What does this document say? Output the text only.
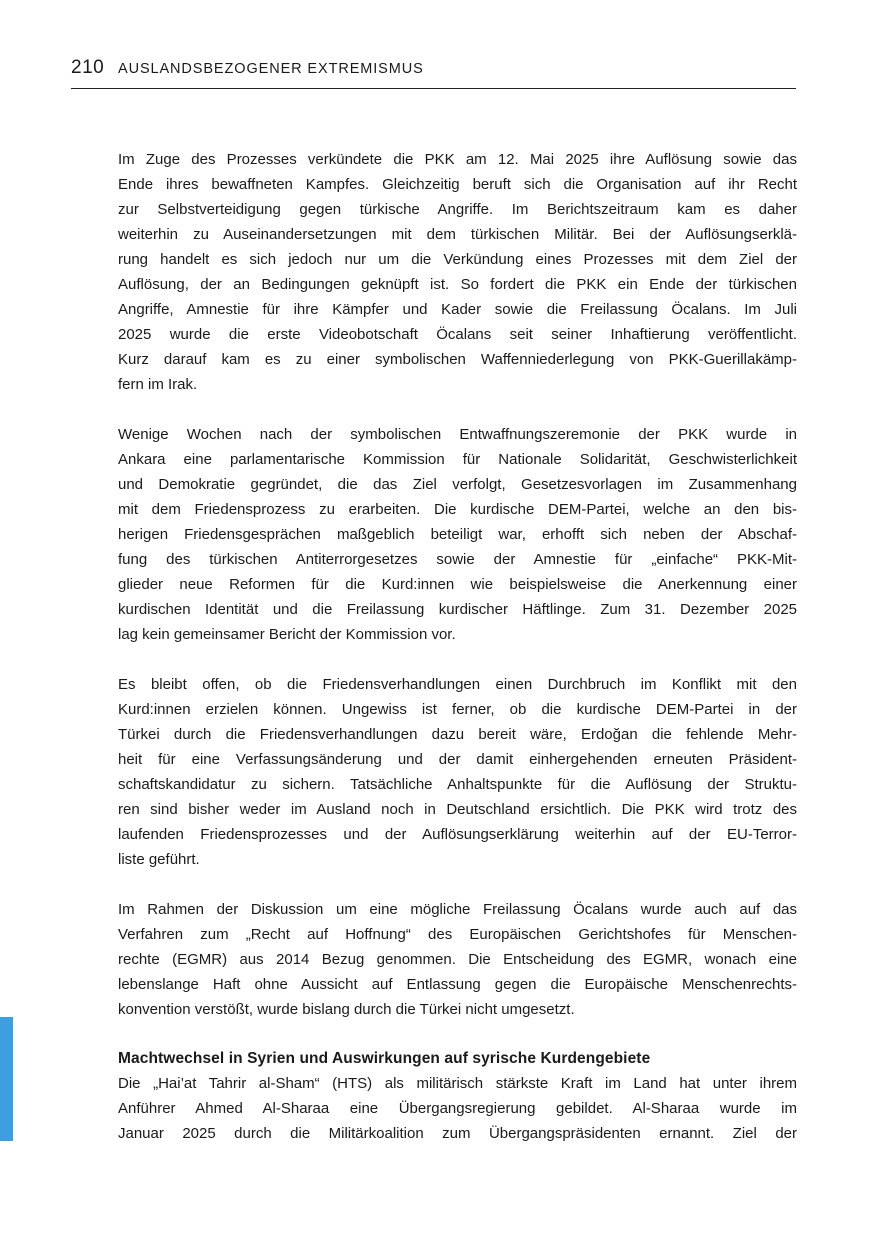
210 AUSLANDSBEZOGENER EXTREMISMUS
Im Zuge des Prozesses verkündete die PKK am 12. Mai 2025 ihre Auflösung sowie das
Ende ihres bewaffneten Kampfes. Gleichzeitig beruft sich die Organisation auf ihr Recht
zur Selbstverteidigung gegen türkische Angriffe. Im Berichtszeitraum kam es daher
weiterhin zu Auseinandersetzungen mit dem türkischen Militär. Bei der Auflösungserklä-
rung handelt es sich jedoch nur um die Verkündung eines Prozesses mit dem Ziel der
Auflösung, der an Bedingungen geknüpft ist. So fordert die PKK ein Ende der türkischen
Angriffe, Amnestie für ihre Kämpfer und Kader sowie die Freilassung Öcalans. Im Juli
2025 wurde die erste Videobotschaft Öcalans seit seiner Inhaftierung veröffentlicht.
Kurz darauf kam es zu einer symbolischen Waffenniederlegung von PKK-Guerillakämp-
fern im Irak.
Wenige Wochen nach der symbolischen Entwaffnungszeremonie der PKK wurde in
Ankara eine parlamentarische Kommission für Nationale Solidarität, Geschwisterlichkeit
und Demokratie gegründet, die das Ziel verfolgt, Gesetzesvorlagen im Zusammenhang
mit dem Friedensprozess zu erarbeiten. Die kurdische DEM-Partei, welche an den bis-
herigen Friedensgesprächen maßgeblich beteiligt war, erhofft sich neben der Abschaf-
fung des türkischen Antiterrorgesetzes sowie der Amnestie für „einfache“ PKK-Mit-
glieder neue Reformen für die Kurd:innen wie beispielsweise die Anerkennung einer
kurdischen Identität und die Freilassung kurdischer Häftlinge. Zum 31. Dezember 2025
lag kein gemeinsamer Bericht der Kommission vor.
Es bleibt offen, ob die Friedensverhandlungen einen Durchbruch im Konflikt mit den
Kurd:innen erzielen können. Ungewiss ist ferner, ob die kurdische DEM-Partei in der
Türkei durch die Friedensverhandlungen dazu bereit wäre, Erdoğan die fehlende Mehr-
heit für eine Verfassungsänderung und der damit einhergehenden erneuten Präsident-
schaftskandidatur zu sichern. Tatsächliche Anhaltspunkte für die Auflösung der Struktu-
ren sind bisher weder im Ausland noch in Deutschland ersichtlich. Die PKK wird trotz des
laufenden Friedensprozesses und der Auflösungserklärung weiterhin auf der EU-Terror-
liste geführt.
Im Rahmen der Diskussion um eine mögliche Freilassung Öcalans wurde auch auf das
Verfahren zum „Recht auf Hoffnung“ des Europäischen Gerichtshofes für Menschen-
rechte (EGMR) aus 2014 Bezug genommen. Die Entscheidung des EGMR, wonach eine
lebenslange Haft ohne Aussicht auf Entlassung gegen die Europäische Menschenrechts-
konvention verstößt, wurde bislang durch die Türkei nicht umgesetzt.
Machtwechsel in Syrien und Auswirkungen auf syrische Kurdengebiete
Die „Hai’at Tahrir al-Sham“ (HTS) als militärisch stärkste Kraft im Land hat unter ihrem
Anführer Ahmed Al-Sharaa eine Übergangsregierung gebildet. Al-Sharaa wurde im
Januar 2025 durch die Militärkoalition zum Übergangspräsidenten ernannt. Ziel der
